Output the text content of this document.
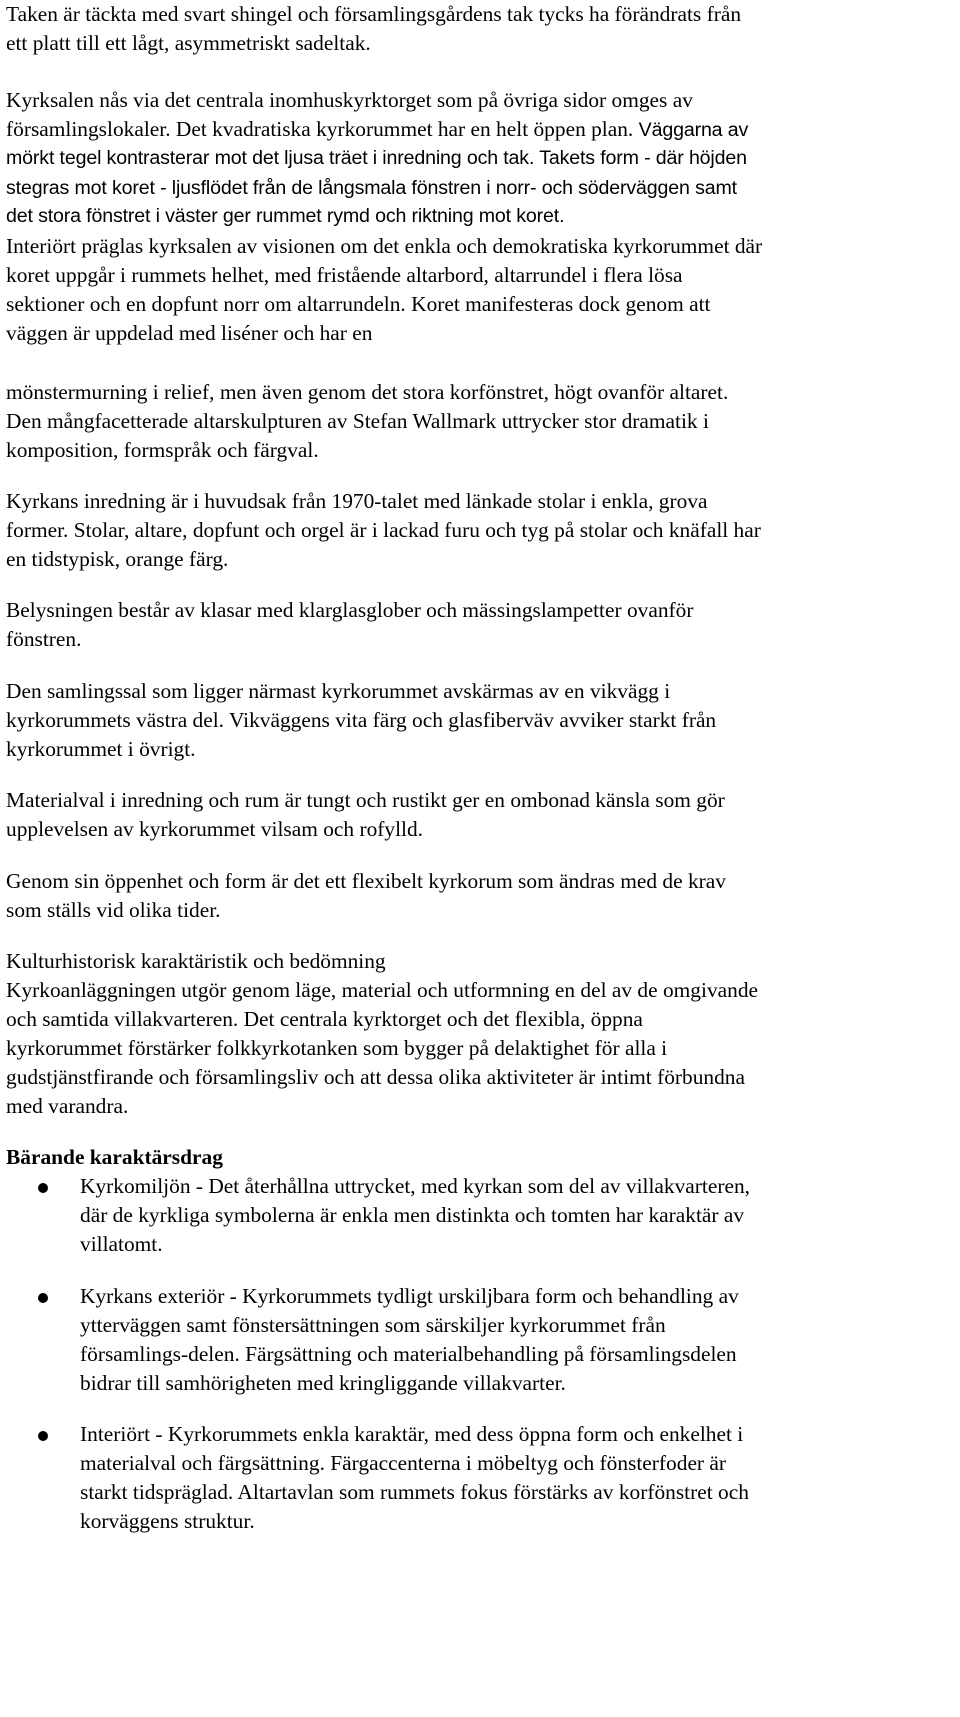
Taken är täckta med svart shingel och församlingsgårdens tak tycks ha förändrats från
ett platt till ett lågt, asymmetriskt sadeltak.
Kyrksalen nås via det centrala inomhuskyrktorget som på övriga sidor omges av
församlingslokaler. Det kvadratiska kyrkorummet har en helt öppen plan. Väggarna av
mörkt tegel kontrasterar mot det ljusa träet i inredning och tak. Takets form - där höjden
stegras mot koret - ljusflödet från de långsmala fönstren i norr- och söderväggen samt
det stora fönstret i väster ger rummet rymd och riktning mot koret.
Interiört präglas kyrksalen av visionen om det enkla och demokratiska kyrkorummet där
koret uppgår i rummets helhet, med fristående altarbord, altarrundel i flera lösa
sektioner och en dopfunt norr om altarrundeln. Koret manifesteras dock genom att
väggen är uppdelad med liséner och har en
mönstermurning i relief, men även genom det stora korfönstret, högt ovanför altaret.
Den mångfacetterade altarskulpturen av Stefan Wallmark uttrycker stor dramatik i
komposition, formspråk och färgval.
Kyrkans inredning är i huvudsak från 1970-talet med länkade stolar i enkla, grova
former. Stolar, altare, dopfunt och orgel är i lackad furu och tyg på stolar och knäfall har
en tidstypisk, orange färg.
Belysningen består av klasar med klarglasglober och mässingslampetter ovanför
fönstren.
Den samlingssal som ligger närmast kyrkorummet avskärmas av en vikvägg i
kyrkorummets västra del. Vikväggens vita färg och glasfiberväv avviker starkt från
kyrkorummet i övrigt.
Materialval i inredning och rum är tungt och rustikt ger en ombonad känsla som gör
upplevelsen av kyrkorummet vilsam och rofylld.
Genom sin öppenhet och form är det ett flexibelt kyrkorum som ändras med de krav
som ställs vid olika tider.
Kulturhistorisk karaktäristik och bedömning
Kyrkoanläggningen utgör genom läge, material och utformning en del av de omgivande
och samtida villakvarteren. Det centrala kyrktorget och det flexibla, öppna
kyrkorummet förstärker folkkyrkotanken som bygger på delaktighet för alla i
gudstjänstfirande och församlingsliv och att dessa olika aktiviteter är intimt förbundna
med varandra.
Bärande karaktärsdrag
Kyrkomiljön - Det återhållna uttrycket, med kyrkan som del av villakvarteren,
där de kyrkliga symbolerna är enkla men distinkta och tomten har karaktär av
villatomt.
Kyrkans exteriör - Kyrkorummets tydligt urskiljbara form och behandling av
ytterväggen samt fönstersättningen som särskiljer kyrkorummet från
församlings-delen. Färgsättning och materialbehandling på församlingsdelen
bidrar till samhörigheten med kringliggande villakvarter.
Interiört - Kyrkorummets enkla karaktär, med dess öppna form och enkelhet i
materialval och färgsättning. Färgaccenterna i möbeltyg och fönsterfoder är
starkt tidspräglad. Altartavlan som rummets fokus förstärks av korfönstret och
korväggens struktur.
